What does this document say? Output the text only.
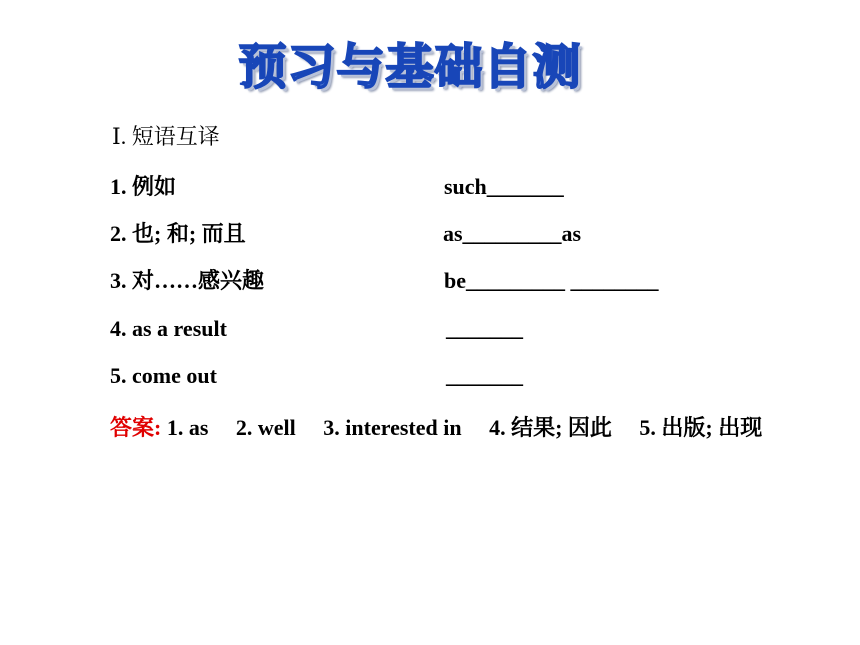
预习与基础自测
Ⅰ. 短语互译
1. 例如	such_______
2. 也; 和; 而且	as_________as
3. 对……感兴趣	be_________ ________
4. as a result	_______
5. come out	_______
答案: 1. as 2. well 3. interested in 4. 结果; 因此 5. 出版; 出现
